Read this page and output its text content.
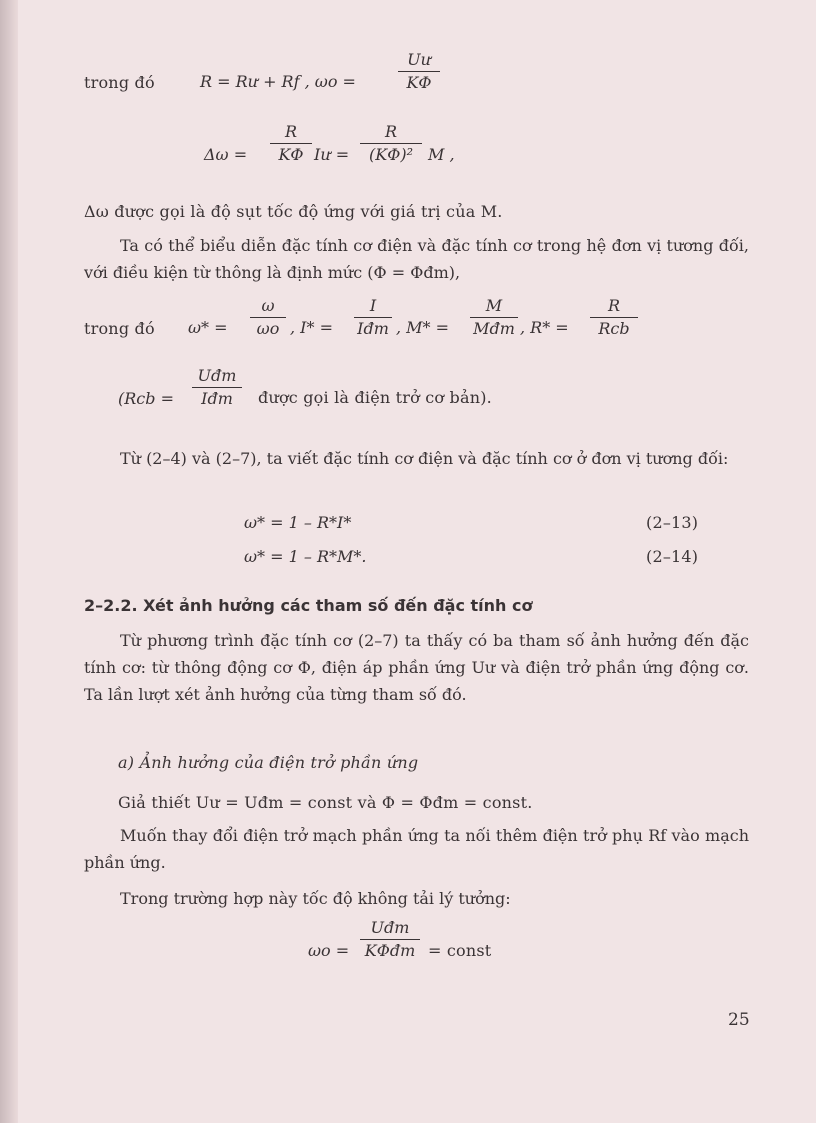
trong đó	R = Rư + Rf , ωo =
Uư
KΦ
Δω =
R
KΦ Iư =
R
(KΦ)² M ,
Δω được gọi là độ sụt tốc độ ứng với giá trị của M.
Ta có thể biểu diễn đặc tính cơ điện và đặc tính cơ trong hệ đơn vị tương đối, với điều kiện từ thông là định mức (Φ = Φđm),
trong đó ω* =
ω
ωo , I* =
I
Iđm , M* =
M
Mđm , R* =
R
Rcb
(Rcb =
Uđm
Iđm	được gọi là điện trở cơ bản).
Từ (2–4) và (2–7), ta viết đặc tính cơ điện và đặc tính cơ ở đơn vị tương đối:
ω* = 1 – R*I*	(2–13)
ω* = 1 – R*M*.	(2–14)
2–2.2. Xét ảnh hưởng các tham số đến đặc tính cơ
Từ phương trình đặc tính cơ (2–7) ta thấy có ba tham số ảnh hưởng đến đặc tính cơ: từ thông động cơ Φ, điện áp phần ứng Uư và điện trở phần ứng động cơ. Ta lần lượt xét ảnh hưởng của từng tham số đó.
a) Ảnh hưởng của điện trở phần ứng
Giả thiết Uư = Uđm = const và Φ = Φđm = const.
Muốn thay đổi điện trở mạch phần ứng ta nối thêm điện trở phụ Rf vào mạch phần ứng.
Trong trường hợp này tốc độ không tải lý tưởng:
ωo =
Uđm
KΦđm = const
25
